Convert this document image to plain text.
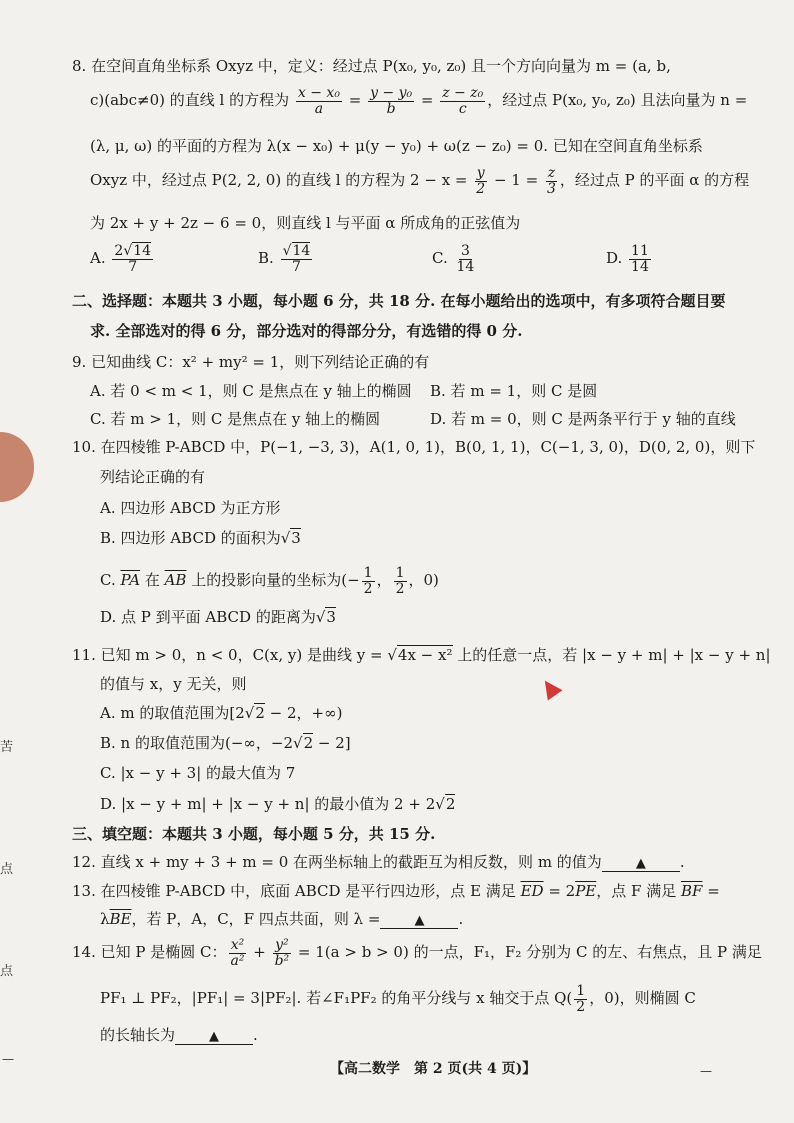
苦
点
点
—
—
8. 在空间直角坐标系 Oxyz 中，定义：经过点 P(x₀, y₀, z₀) 且一个方向向量为 m = (a, b,
c)(abc≠0) 的直线 l 的方程为 $\frac{\text{x − x₀}}{a} = \frac{\text{y − y₀}}{b} = \frac{\text{z − z₀}}{c}$ ，经过点 P(x₀, y₀, z₀) 且法向量为 n =
(λ, μ, ω) 的平面的方程为 λ(x − x₀) + μ(y − y₀) + ω(z − z₀) = 0. 已知在空间直角坐标系
Oxyz 中，经过点 P(2, 2, 0) 的直线 l 的方程为 $2 - x = \frac{y}{2} - 1 = \frac{z}{3}$ ，经过点 P 的平面 α 的方程
为 2x + y + 2z − 6 = 0，则直线 l 与平面 α 所成角的正弦值为
A. $\frac{2√14}{7}$	B. $\frac{√14}{7}$	C. $\frac{3}{14}$	D. $\frac{11}{14}$
二、选择题：本题共 3 小题，每小题 6 分，共 18 分. 在每小题给出的选项中，有多项符合题目要
求. 全部选对的得 6 分，部分选对的得部分分，有选错的得 0 分.
9. 已知曲线 C：x² + my² = 1，则下列结论正确的有
A. 若 0 < m < 1，则 C 是焦点在 y 轴上的椭圆 B. 若 m = 1，则 C 是圆
C. 若 m > 1，则 C 是焦点在 y 轴上的椭圆	D. 若 m = 0，则 C 是两条平行于 y 轴的直线
10. 在四棱锥 P-ABCD 中，P(−1, −3, 3)，A(1, 0, 1)，B(0, 1, 1)，C(−1, 3, 0)，D(0, 2, 0)，则下
列结论正确的有
A. 四边形 ABCD 为正方形
B. 四边形 ABCD 的面积为√3
C. $\overline{PA}$ 在 $\overline{AB}$ 上的投影向量的坐标为(− $\frac{1}{2}$ ， $\frac{1}{2}$ ，0)
D. 点 P 到平面 ABCD 的距离为√3
11. 已知 m > 0，n < 0，C(x, y) 是曲线 y = √4x − x² 上的任意一点，若 |x − y + m| + |x − y + n|
的值与 x，y 无关，则
A. m 的取值范围为[2√2 − 2，+∞)
B. n 的取值范围为(−∞，−2√2 − 2]
C. |x − y + 3| 的最大值为 7
D. |x − y + m| + |x − y + n| 的最小值为 2 + 2√2
三、填空题：本题共 3 小题，每小题 5 分，共 15 分.
12. 直线 x + my + 3 + m = 0 在两坐标轴上的截距互为相反数，则 m 的值为	▲ .
13. 在四棱锥 P-ABCD 中，底面 ABCD 是平行四边形，点 E 满足 $\overline{ED} = 2\overline{PE}$，点 F 满足 $\overline{BF}$ =
$\lambda\overline{BE}$，若 P，A，C，F 四点共面，则 λ =	▲ .
14. 已知 P 是椭圆 C： $\frac{\text{x²}}{\text{a²}} + \frac{\text{y²}}{\text{b²}} = 1(a > b > 0)$ 的一点，F₁，F₂ 分别为 C 的左、右焦点，且 P 满足
PF₁ ⊥ PF₂，|PF₁| = 3|PF₂|. 若∠F₁PF₂ 的角平分线与 x 轴交于点 $Q( \frac{1}{2}$ ，0)，则椭圆 C
的长轴长为	▲ .
【高二数学　第 2 页(共 4 页)】
